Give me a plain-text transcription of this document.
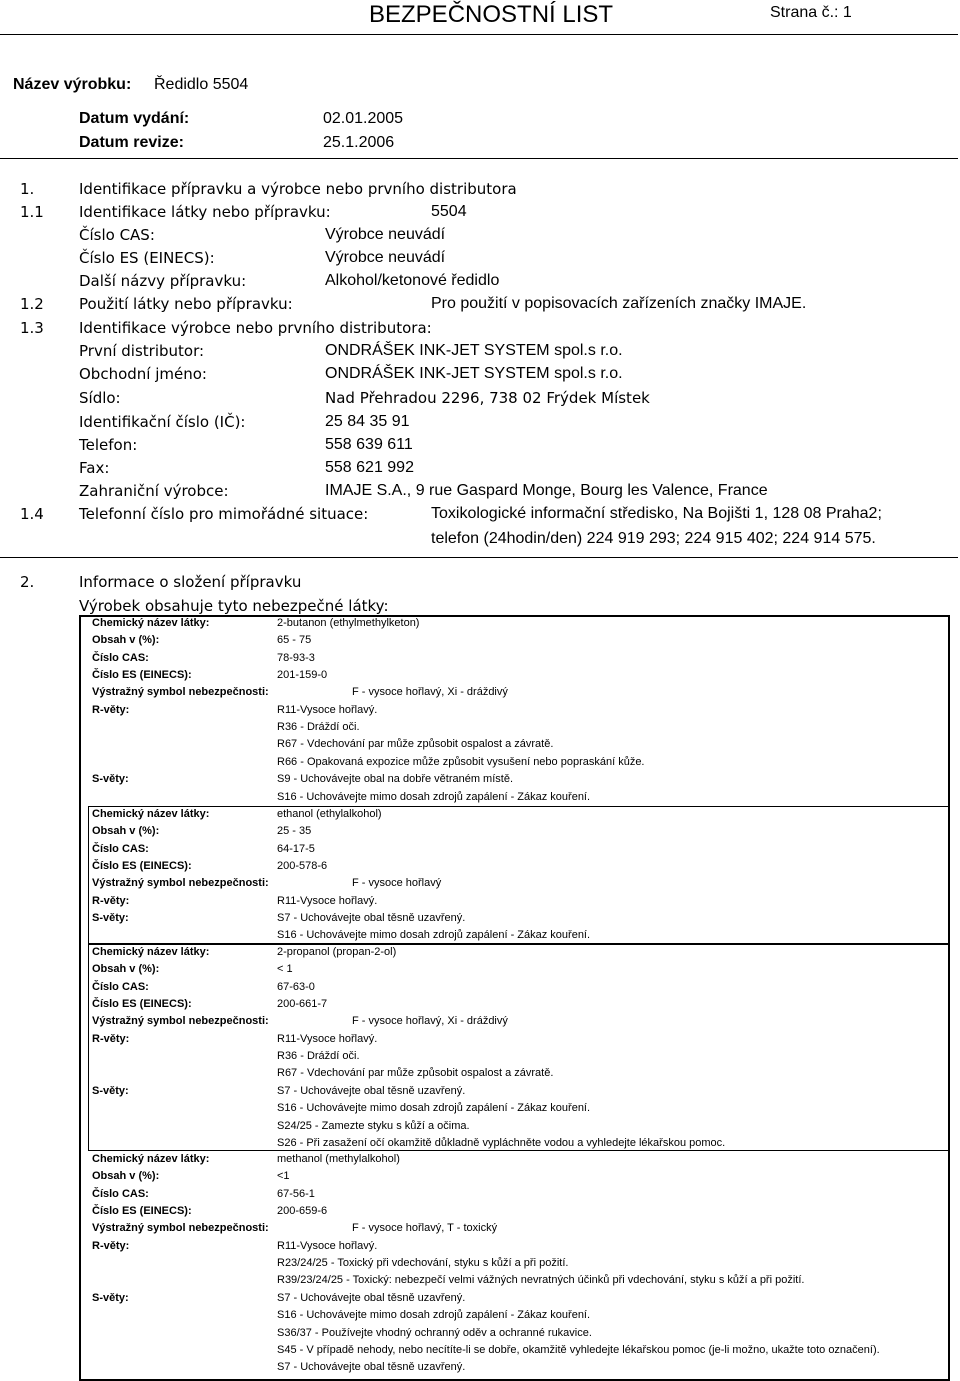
BEZPEČNOSTNÍ LIST	Strana č.: 1
Název výrobku: Ředidlo 5504
Datum vydání:	02.01.2005
Datum revize:	25.1.2006
1.	Identifikace přípravku a výrobce nebo prvního distributora
1.1 Identifikace látky nebo přípravku:	5504
Číslo CAS:	Výrobce neuvádí
Číslo ES (EINECS):	Výrobce neuvádí
Další názvy přípravku:	Alkohol/ketonové ředidlo
1.2 Použití látky nebo přípravku:	Pro použití v popisovacích zařízeních značky IMAJE.
1.3 Identifikace výrobce nebo prvního distributora:
První distributor:	ONDRÁŠEK INK-JET SYSTEM spol.s r.o.
Obchodní jméno:	ONDRÁŠEK INK-JET SYSTEM spol.s r.o.
Sídlo:	Nad Přehradou 2296, 738 02 Frýdek Místek
Identifikační číslo (IČ):	25 84 35 91
Telefon:	558 639 611
Fax:	558 621 992
Zahraniční výrobce:	IMAJE S.A., 9 rue Gaspard Monge, Bourg les Valence, France
1.4 Telefonní číslo pro mimořádné situace:	Toxikologické informační středisko, Na Bojišti 1, 128 08 Praha2;
telefon (24hodin/den) 224 919 293; 224 915 402; 224 914 575.
2.	Informace o složení přípravku
Výrobek obsahuje tyto nebezpečné látky:
Chemický název látky:	2-butanon (ethylmethylketon)
Obsah v (%):	65 - 75
Číslo CAS:	78-93-3
Číslo ES (EINECS):	201-159-0
Výstražný symbol nebezpečnosti:	F - vysoce hořlavý, Xi - dráždivý
R-věty:	R11-Vysoce hořlavý.
R36 - Dráždí oči.
R67 - Vdechování par může způsobit ospalost a závratě.
R66 - Opakovaná expozice může způsobit vysušení nebo popraskání kůže.
S-věty:	S9 - Uchovávejte obal na dobře větraném místě.
S16 - Uchovávejte mimo dosah zdrojů zapálení - Zákaz kouření.
Chemický název látky:	ethanol (ethylalkohol)
Obsah v (%):	25 - 35
Číslo CAS:	64-17-5
Číslo ES (EINECS):	200-578-6
Výstražný symbol nebezpečnosti:	F - vysoce hořlavý
R-věty:	R11-Vysoce hořlavý.
S-věty:	S7 - Uchovávejte obal těsně uzavřený.
S16 - Uchovávejte mimo dosah zdrojů zapálení - Zákaz kouření.
Chemický název látky:	2-propanol (propan-2-ol)
Obsah v (%):	< 1
Číslo CAS:	67-63-0
Číslo ES (EINECS):	200-661-7
Výstražný symbol nebezpečnosti:	F - vysoce hořlavý, Xi - dráždivý
R-věty:	R11-Vysoce hořlavý.
R36 - Dráždí oči.
R67 - Vdechování par může způsobit ospalost a závratě.
S-věty:	S7 - Uchovávejte obal těsně uzavřený.
S16 - Uchovávejte mimo dosah zdrojů zapálení - Zákaz kouření.
S24/25 - Zamezte styku s kůží a očima.
S26 - Při zasažení očí okamžitě důkladně vypláchněte vodou a vyhledejte lékařskou pomoc.
Chemický název látky:	methanol (methylalkohol)
Obsah v (%):	<1
Číslo CAS:	67-56-1
Číslo ES (EINECS):	200-659-6
Výstražný symbol nebezpečnosti:	F - vysoce hořlavý, T - toxický
R-věty:	R11-Vysoce hořlavý.
R23/24/25 - Toxický při vdechování, styku s kůží a při požití.
R39/23/24/25 - Toxický: nebezpečí velmi vážných nevratných účinků při vdechování, styku s kůží a při požití.
S-věty:	S7 - Uchovávejte obal těsně uzavřený.
S16 - Uchovávejte mimo dosah zdrojů zapálení - Zákaz kouření.
S36/37 - Používejte vhodný ochranný oděv a ochranné rukavice.
S45 - V případě nehody, nebo necítíte-li se dobře, okamžitě vyhledejte lékařskou pomoc (je-li možno, ukažte toto označení).
S7 - Uchovávejte obal těsně uzavřený.
